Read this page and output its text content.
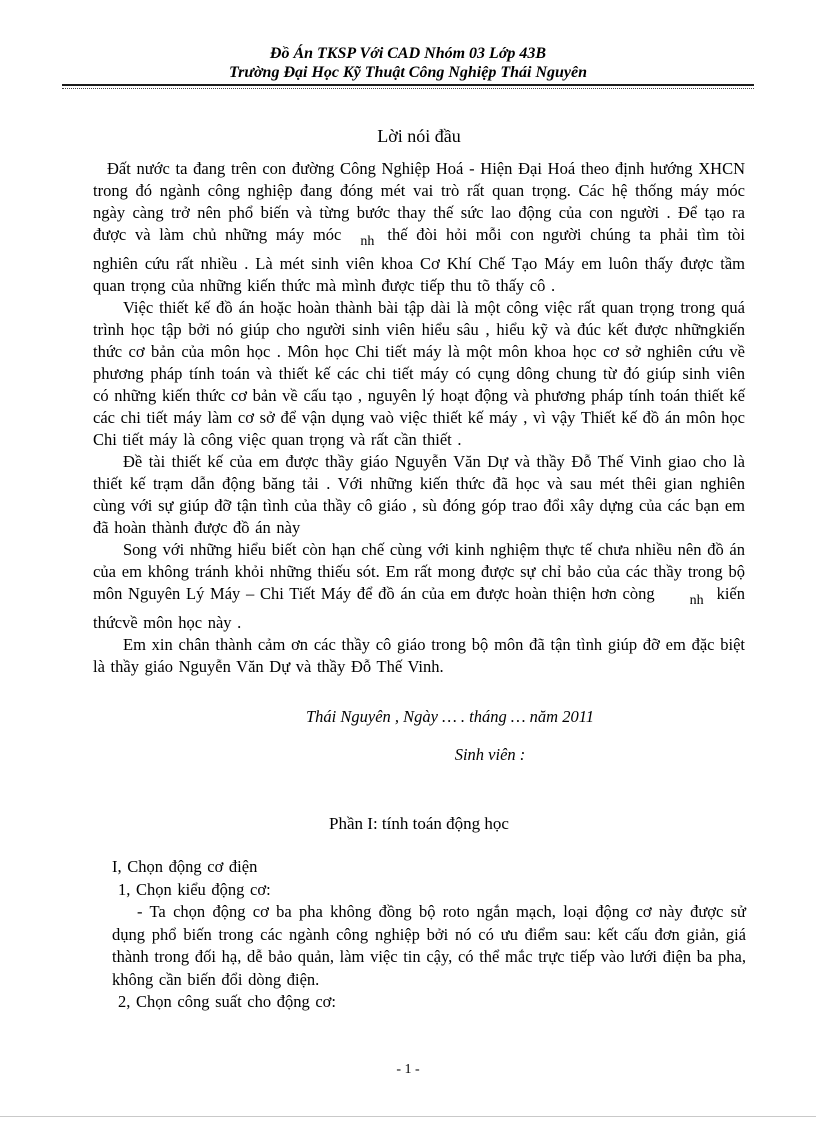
Đồ Án TKSP Với CAD Nhóm 03 Lớp 43B
Trường Đại Học Kỹ Thuật Công Nghiệp Thái Nguyên
Lời nói đầu

Đất nước ta đang trên con đường Công Nghiệp Hoá - Hiện Đại Hoá theo định hướng XHCN trong đó ngành công nghiệp đang đóng mét vai trò rất quan trọng. Các hệ thống máy móc ngày càng trở nên phổ biến và từng bước thay thế sức lao động của con người . Để tạo ra được và làm chủ những máy móc nh thế đòi hỏi mỗi con người chúng ta phải tìm tòi nghiên cứu rất nhiều . Là mét sinh viên khoa Cơ Khí Chế Tạo Máy em luôn thấy được tầm quan trọng của những kiến thức mà mình được tiếp thu tõ thấy cô .

Việc thiết kế đồ án hoặc hoàn thành bài tập dài là một công việc rất quan trọng trong quá trình học tập bởi nó giúp cho người sinh viên hiểu sâu , hiểu kỹ và đúc kết được nhữngkiến thức cơ bản của môn học . Môn học Chi tiết máy là một môn khoa học cơ sở nghiên cứu về phương pháp tính toán và thiết kế các chi tiết máy có cụng dông chung từ đó giúp sinh viên có những kiến thức cơ bản về cấu tạo , nguyên lý hoạt động và phương pháp tính toán thiết kế các chi tiết máy làm cơ sở để vận dụng vaò việc thiết kế máy , vì vậy Thiết kế đồ án môn học Chi tiết máy là công việc quan trọng và rất cần thiết .

Đề tài thiết kế của em được thầy giáo Nguyễn Văn Dự và thầy Đỗ Thế Vinh giao cho là thiết kế trạm dẫn động băng tải . Với những kiến thức đã học và sau mét thêi gian nghiên cùng với sự giúp đỡ tận tình của thầy cô giáo , sù đóng góp trao đổi xây dựng của các bạn em đã hoàn thành được đồ án này

Song với những hiểu biết còn hạn chế cùng với kinh nghiệm thực tế chưa nhiều nên đồ án của em không tránh khỏi những thiếu sót. Em rất mong được sự chỉ bảo của các thầy trong bộ môn Nguyên Lý Máy – Chi Tiết Máy để đồ án của em được hoàn thiện hơn còng	nh kiến thứcvề môn học này .

Em xin chân thành cảm ơn các thầy cô giáo trong bộ môn đã tận tình giúp đỡ em đặc biệt là thầy giáo Nguyễn Văn Dự và thầy Đỗ Thế Vinh.

Thái Nguyên , Ngày … . tháng … năm 2011
Sinh viên :
Phần I: tính toán động học

I, Chọn động cơ điện

1, Chọn kiểu động cơ:

- Ta chọn động cơ ba pha không đồng bộ roto ngắn mạch, loại động cơ này được sử dụng phổ biến trong các ngành công nghiệp bởi nó có ưu điểm sau: kết cấu đơn giản, giá thành trong đối hạ, dễ bảo quản, làm việc tin cậy, có thể mắc trực tiếp vào lưới điện ba pha, không cần biến đổi dòng điện.

2, Chọn công suất cho động cơ:

- 1 -
